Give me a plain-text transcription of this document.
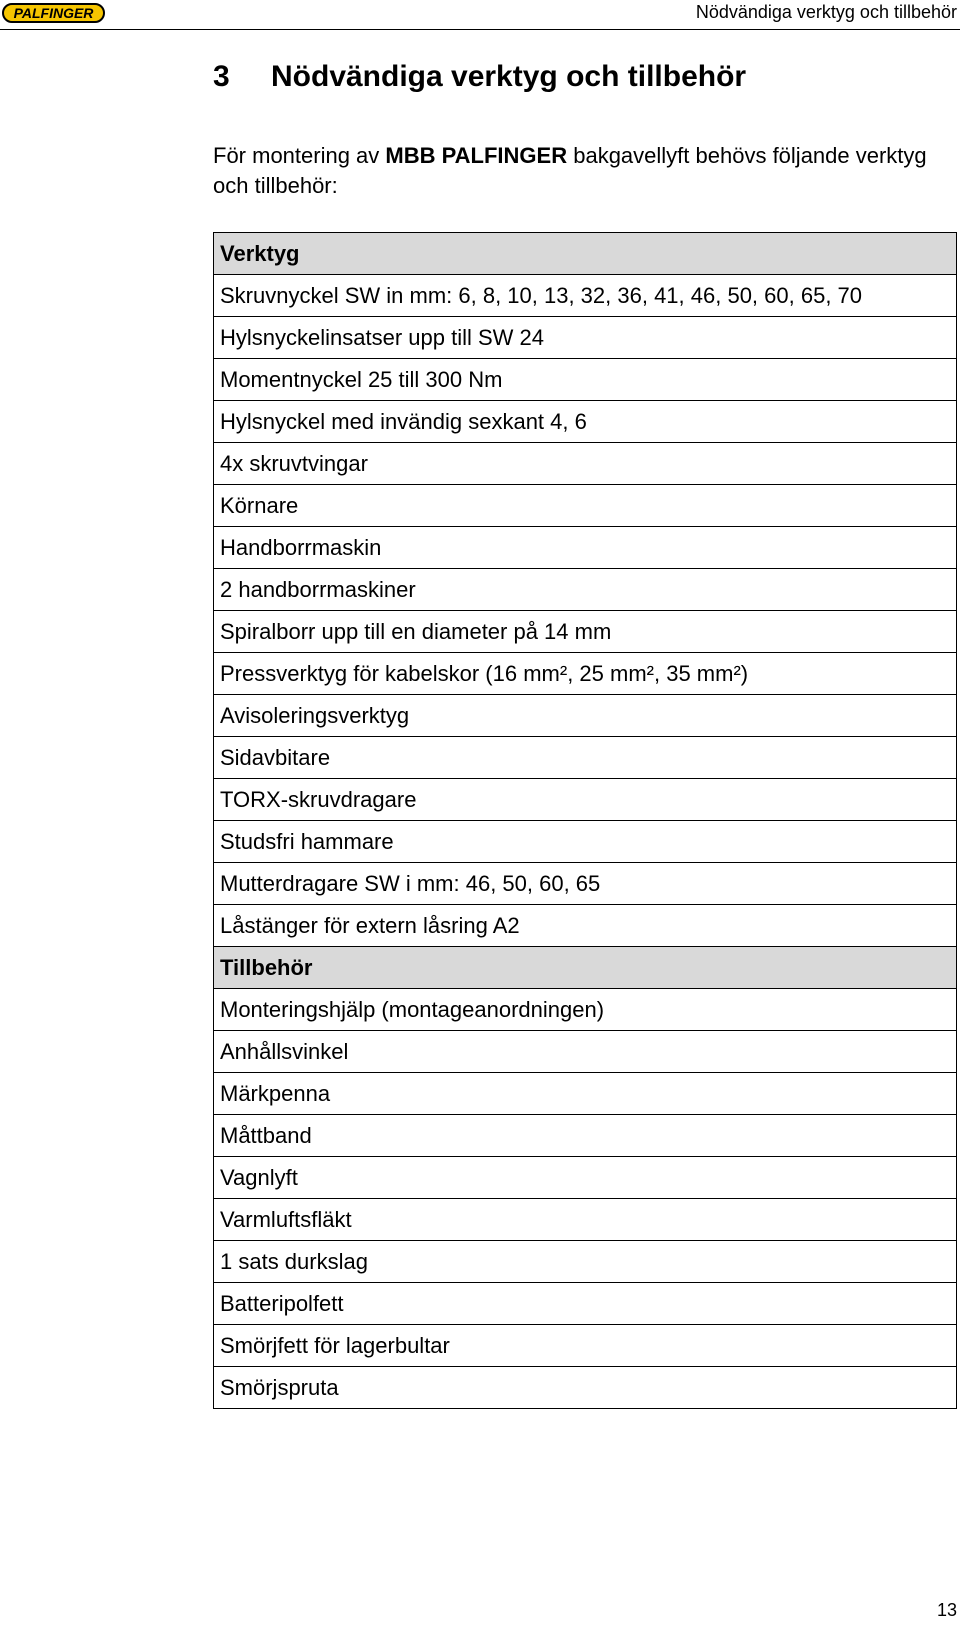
PALFINGER	Nödvändiga verktyg och tillbehör
3 Nödvändiga verktyg och tillbehör
För montering av MBB PALFINGER bakgavellyft behövs följande verktyg och tillbehör:
Verktyg
Skruvnyckel SW in mm: 6, 8, 10, 13, 32, 36, 41, 46, 50, 60, 65, 70
Hylsnyckelinsatser upp till SW 24
Momentnyckel 25 till 300 Nm
Hylsnyckel med invändig sexkant 4, 6
4x skruvtvingar
Körnare
Handborrmaskin
2 handborrmaskiner
Spiralborr upp till en diameter på 14 mm
Pressverktyg för kabelskor (16 mm², 25 mm², 35 mm²)
Avisoleringsverktyg
Sidavbitare
TORX-skruvdragare
Studsfri hammare
Mutterdragare SW i mm: 46, 50, 60, 65
Låstänger för extern låsring A2
Tillbehör
Monteringshjälp (montageanordningen)
Anhållsvinkel
Märkpenna
Måttband
Vagnlyft
Varmluftsfläkt
1 sats durkslag
Batteripolfett
Smörjfett för lagerbultar
Smörjspruta
13
